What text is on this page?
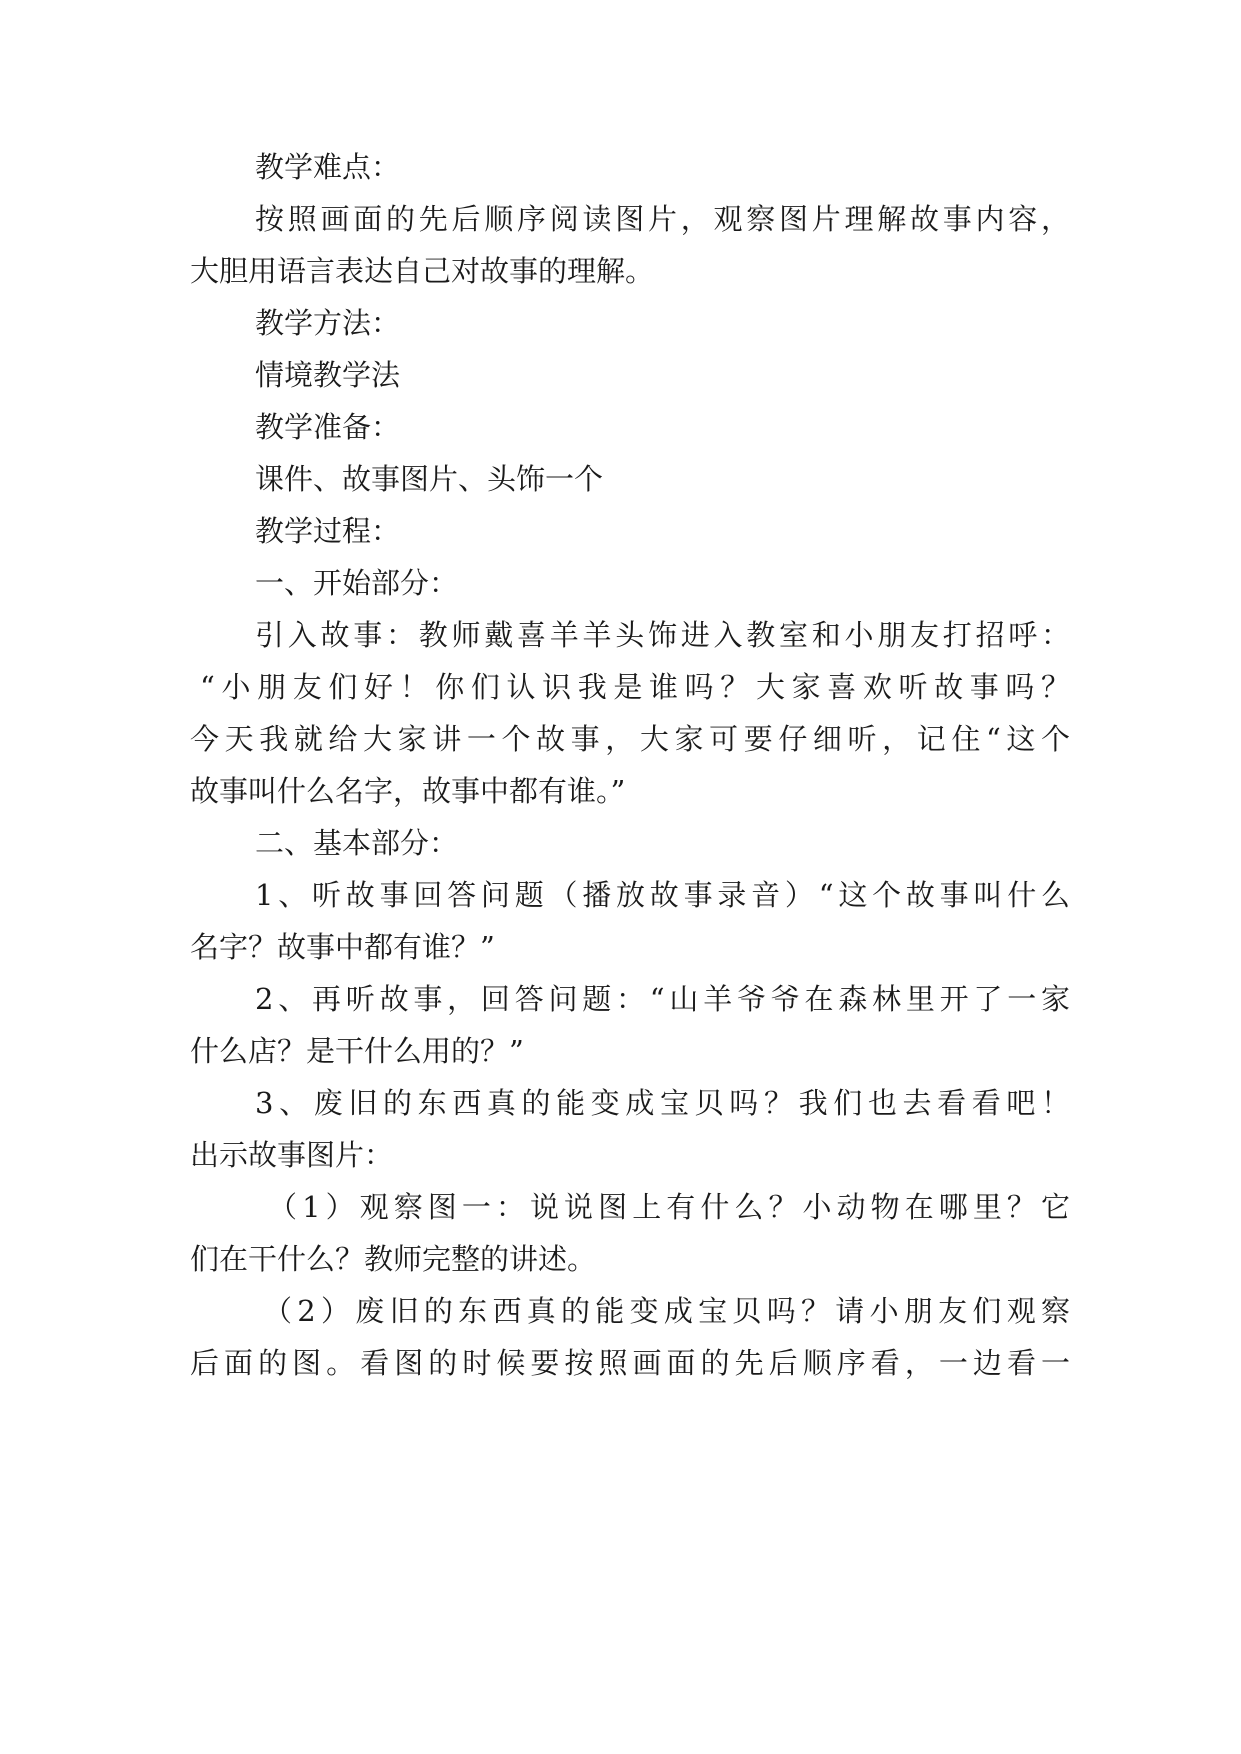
教学难点：

按照画面的先后顺序阅读图片，观察图片理解故事内容，

大胆用语言表达自己对故事的理解。

教学方法：

情境教学法

教学准备：

课件、故事图片、头饰一个

教学过程：

一、开始部分：

引入故事：教师戴喜羊羊头饰进入教室和小朋友打招呼：

“小朋友们好！你们认识我是谁吗？大家喜欢听故事吗？

今天我就给大家讲一个故事，大家可要仔细听，记住“这个

故事叫什么名字，故事中都有谁。”

二、基本部分：

1、听故事回答问题（播放故事录音）“这个故事叫什么

名字？故事中都有谁？”

2、再听故事，回答问题：“山羊爷爷在森林里开了一家

什么店？是干什么用的？”

3、废旧的东西真的能变成宝贝吗？我们也去看看吧！

出示故事图片：

（1）观察图一：说说图上有什么？小动物在哪里？它

们在干什么？教师完整的讲述。

（2）废旧的东西真的能变成宝贝吗？请小朋友们观察

后面的图。看图的时候要按照画面的先后顺序看，一边看一
